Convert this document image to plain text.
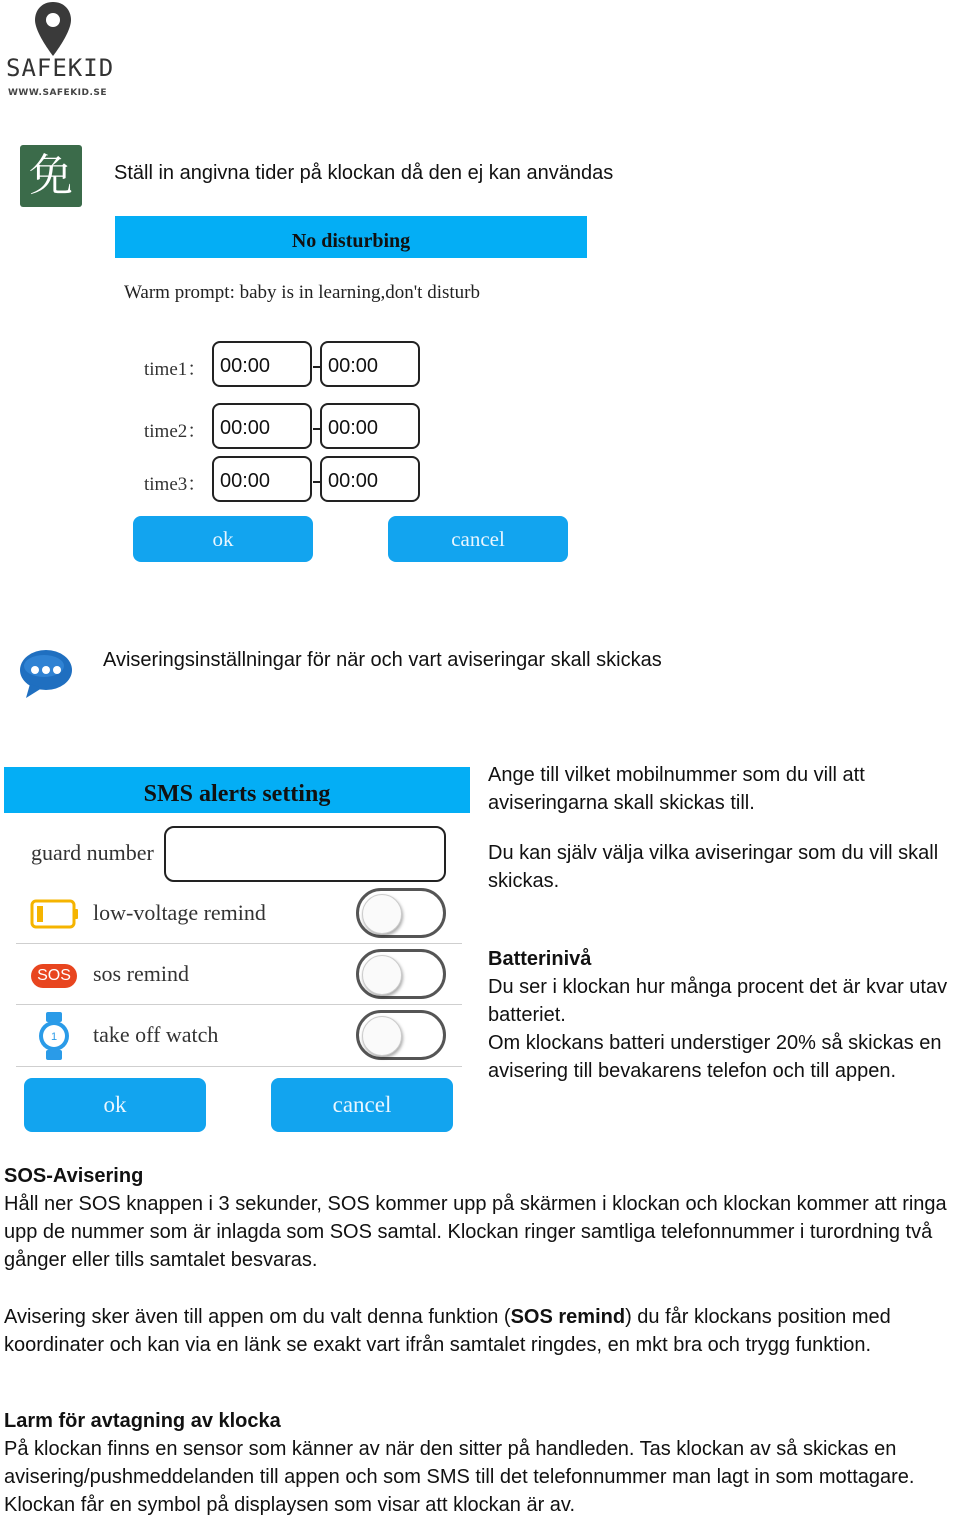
SAFEKID
WWW.SAFEKID.SE
免	Ställ in angivna tider på klockan då den ej kan användas
No disturbing
Warm prompt: baby is in learning,don't disturb
time1： 00:00	00:00
time2： 00:00	00:00
time3： 00:00	00:00
ok	cancel
Aviseringsinställningar för när och vart aviseringar skall skickas
SMS alerts setting
guard number
low-voltage remind
SOS sos remind
1 take off watch
ok	cancel
Ange till vilket mobilnummer som du vill att aviseringarna skall skickas till.
Du kan själv välja vilka aviseringar som du vill skall skickas.
Batterinivå
Du ser i klockan hur många procent det är kvar utav batteriet.
Om klockans batteri understiger 20% så skickas en avisering till bevakarens telefon och till appen.
SOS-Avisering
Håll ner SOS knappen i 3 sekunder, SOS kommer upp på skärmen i klockan och klockan kommer att ringa upp de nummer som är inlagda som SOS samtal. Klockan ringer samtliga telefonnummer i turordning två gånger eller tills samtalet besvaras.
Avisering sker även till appen om du valt denna funktion (SOS remind) du får klockans position med koordinater och kan via en länk se exakt vart ifrån samtalet ringdes, en mkt bra och trygg funktion.
Larm för avtagning av klocka
På klockan finns en sensor som känner av när den sitter på handleden. Tas klockan av så skickas en avisering/pushmeddelanden till appen och som SMS till det telefonnummer man lagt in som mottagare. Klockan får en symbol på displaysen som visar att klockan är av.
